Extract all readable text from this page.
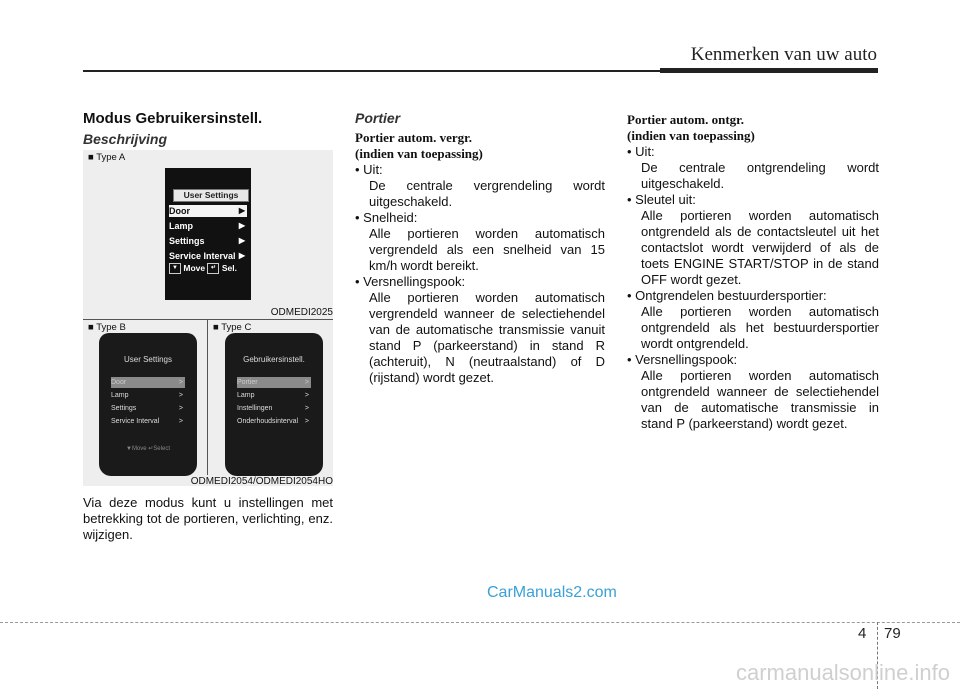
Kenmerken van uw auto
Modus Gebruikersinstell.
Beschrijving
■ Type A
User Settings
Door	▶
Lamp	▶
Settings	▶
Service Interval ▶
▼ Move ↵ Sel.
ODMEDI2025
■ Type B	■ Type C
User Settings
Door	>
Lamp	>
Settings	>
Service Interval	>
▼Move ↵Select
Gebruikersinstell.
Portier	>
Lamp	>
Instellingen	>
Onderhoudsinterval >
ODMEDI2054/ODMEDI2054HO

Via deze modus kunt u instellingen met betrekking tot de portieren, verlichting, enz. wijzigen.

Portier
Portier autom. vergr.
(indien van toepassing)
• Uit:

De centrale vergrendeling wordt uitgeschakeld.

• Snelheid:

Alle portieren worden automatisch vergrendeld als een snelheid van 15 km/h wordt bereikt.

• Versnellingspook:

Alle portieren worden automatisch vergrendeld wanneer de selectiehendel van de automatische transmissie vanuit stand P (parkeerstand) in stand R (achteruit), N (neutraalstand) of D (rijstand) wordt gezet.

Portier autom. ontgr.
(indien van toepassing)
• Uit:

De centrale ontgrendeling wordt uitgeschakeld.

• Sleutel uit:

Alle portieren worden automatisch ontgrendeld als de contactsleutel uit het contactslot wordt verwijderd of als de toets ENGINE START/STOP in de stand OFF wordt gezet.

• Ontgrendelen bestuurdersportier:

Alle portieren worden automatisch ontgrendeld als het bestuurdersportier wordt ontgrendeld.

• Versnellingspook:

Alle portieren worden automatisch ontgrendeld wanneer de selectiehendel van de automatische transmissie in stand P (parkeerstand) wordt gezet.

CarManuals2.com
4 79
carmanualsonline.info
